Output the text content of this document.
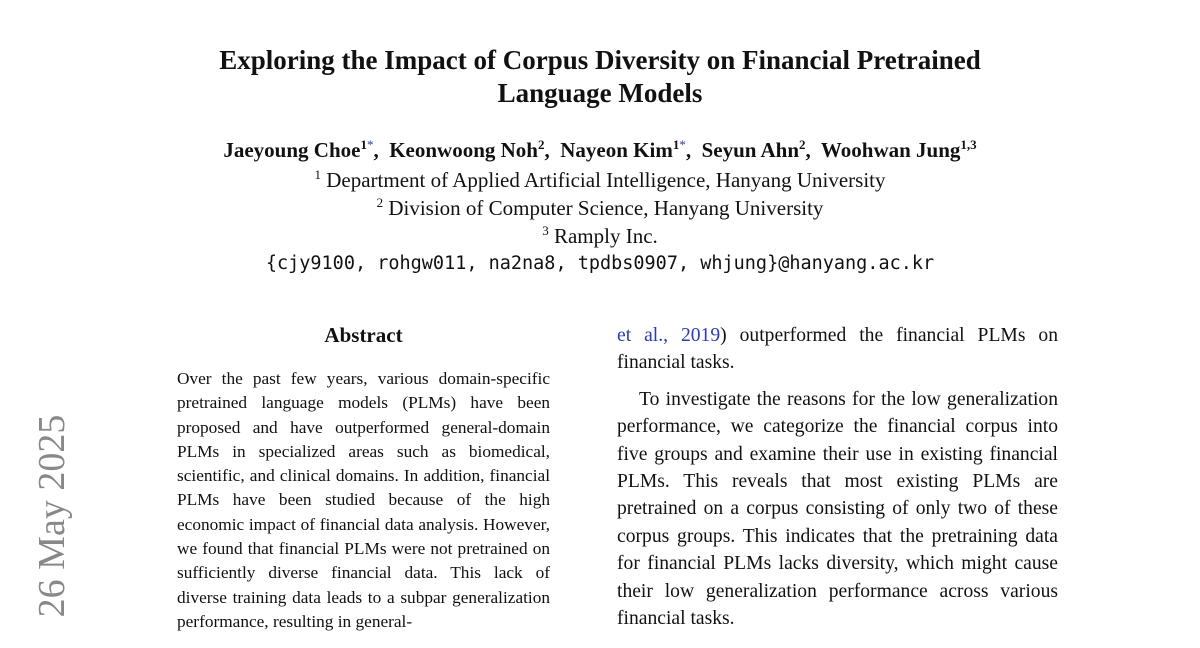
Exploring the Impact of Corpus Diversity on Financial Pretrained
Language Models
Jaeyoung Choe$^{1*}$, Keonwoong Noh$^2$, Nayeon Kim$^{1*}$, Seyun Ahn$^2$, Woohwan Jung$^{1,3}$
$^1$ Department of Applied Artificial Intelligence, Hanyang University
$^2$ Division of Computer Science, Hanyang University
$^3$ Ramply Inc.
{cjy9100, rohgw011, na2na8, tpdbs0907, whjung}@hanyang.ac.kr
26 May 2025
Abstract
Over the past few years, various domain-specific pretrained language models (PLMs) have been proposed and have outperformed general-domain PLMs in specialized areas such as biomedical, scientific, and clinical domains. In addition, financial PLMs have been studied because of the high economic impact of financial data analysis. However, we found that financial PLMs were not pretrained on sufficiently diverse financial data. This lack of diverse training data leads to a subpar generalization performance, resulting in general-

et al., 2019) outperformed the financial PLMs on financial tasks.

To investigate the reasons for the low generalization performance, we categorize the financial corpus into five groups and examine their use in existing financial PLMs. This reveals that most existing PLMs are pretrained on a corpus consisting of only two of these corpus groups. This indicates that the pretraining data for financial PLMs lacks diversity, which might cause their low generalization performance across various financial tasks.
